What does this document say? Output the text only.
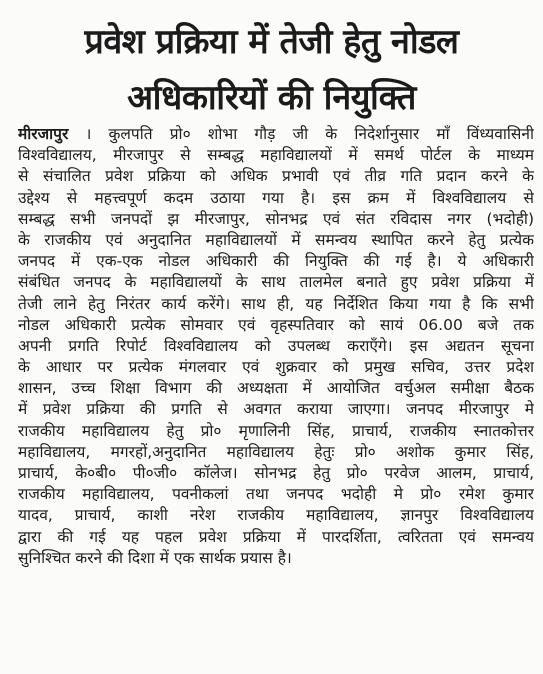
प्रवेश प्रक्रिया में तेजी हेतु नोडल
अधिकारियों की नियुक्ति
मीरजापुर । कुलपति प्रो० शोभा गौड़ जी के निदेर्शानुसार माँ विंध्यवासिनी
विश्वविद्यालय, मीरजापुर से सम्बद्ध महाविद्यालयों में समर्थ पोर्टल के माध्यम
से संचालित प्रवेश प्रक्रिया को अधिक प्रभावी एवं तीव्र गति प्रदान करने के
उद्देश्य से महत्त्वपूर्ण कदम उठाया गया है। इस क्रम में विश्वविद्यालय से
सम्बद्ध सभी जनपदों झ मीरजापुर, सोनभद्र एवं संत रविदास नगर (भदोही)
के राजकीय एवं अनुदानित महाविद्यालयों में समन्वय स्थापित करने हेतु प्रत्येक
जनपद में एक-एक नोडल अधिकारी की नियुक्ति की गई है। ये अधिकारी
संबंधित जनपद के महाविद्यालयों के साथ तालमेल बनाते हुए प्रवेश प्रक्रिया में
तेजी लाने हेतु निरंतर कार्य करेंगे। साथ ही, यह निर्देशित किया गया है कि सभी
नोडल अधिकारी प्रत्येक सोमवार एवं वृहस्पतिवार को सायं 06.00 बजे तक
अपनी प्रगति रिपोर्ट विश्वविद्यालय को उपलब्ध कराएँगे। इस अद्यतन सूचना
के आधार पर प्रत्येक मंगलवार एवं शुक्रवार को प्रमुख सचिव, उत्तर प्रदेश
शासन, उच्च शिक्षा विभाग की अध्यक्षता में आयोजित वर्चुअल समीक्षा बैठक
में प्रवेश प्रक्रिया की प्रगति से अवगत कराया जाएगा। जनपद मीरजापुर मे
राजकीय महाविद्यालय हेतु प्रो० मृणालिनी सिंह, प्राचार्य, राजकीय स्नातकोत्तर
महाविद्यालय, मगरहों,अनुदानित महाविद्यालय हेतुः प्रो० अशोक कुमार सिंह,
प्राचार्य, के०बी० पी०जी० कॉलेज। सोनभद्र हेतु प्रो० परवेज आलम, प्राचार्य,
राजकीय महाविद्यालय, पवनीकलां तथा जनपद भदोही मे प्रो० रमेश कुमार
यादव, प्राचार्य, काशी नरेश राजकीय महाविद्यालय, ज्ञानपुर विश्वविद्यालय
द्वारा की गई यह पहल प्रवेश प्रक्रिया में पारदर्शिता, त्वरितता एवं समन्वय
सुनिश्चित करने की दिशा में एक सार्थक प्रयास है।
